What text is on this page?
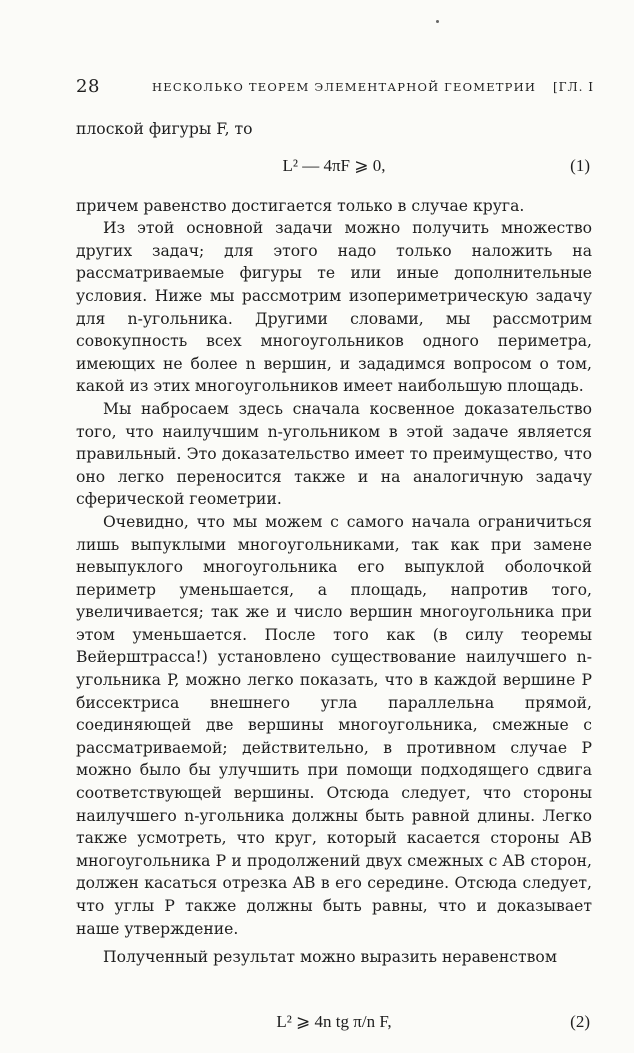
28	НЕСКОЛЬКО ТЕОРЕМ ЭЛЕМЕНТАРНОЙ ГЕОМЕТРИИ [ГЛ. I

плоской фигуры F, то

L² — 4πF ⩾ 0,	(1)

причем равенство достигается только в случае круга.

Из этой основной задачи можно получить множество других задач; для этого надо только наложить на рассматриваемые фигуры те или иные дополнительные условия. Ниже мы рассмотрим изопериметрическую задачу для n-угольника. Другими словами, мы рассмотрим совокупность всех многоугольников одного периметра, имеющих не более n вершин, и зададимся вопросом о том, какой из этих многоугольников имеет наибольшую площадь.

Мы набросаем здесь сначала косвенное доказательство того, что наилучшим n-угольником в этой задаче является правильный. Это доказательство имеет то преимущество, что оно легко переносится также и на аналогичную задачу сферической геометрии.

Очевидно, что мы можем с самого начала ограничиться лишь выпуклыми многоугольниками, так как при замене невыпуклого многоугольника его выпуклой оболочкой периметр уменьшается, а площадь, напротив того, увеличивается; так же и число вершин многоугольника при этом уменьшается. После того как (в силу теоремы Вейерштрасса!) установлено существование наилучшего n-угольника P, можно легко показать, что в каждой вершине P биссектриса внешнего угла параллельна прямой, соединяющей две вершины многоугольника, смежные с рассматриваемой; действительно, в противном случае P можно было бы улучшить при помощи подходящего сдвига соответствующей вершины. Отсюда следует, что стороны наилучшего n-угольника должны быть равной длины. Легко также усмотреть, что круг, который касается стороны AB многоугольника P и продолжений двух смежных с AB сторон, должен касаться отрезка AB в его середине. Отсюда следует, что углы P также должны быть равны, что и доказывает наше утверждение.

Полученный результат можно выразить неравенством

L² ⩾ 4n tg π/n F,	(2)
